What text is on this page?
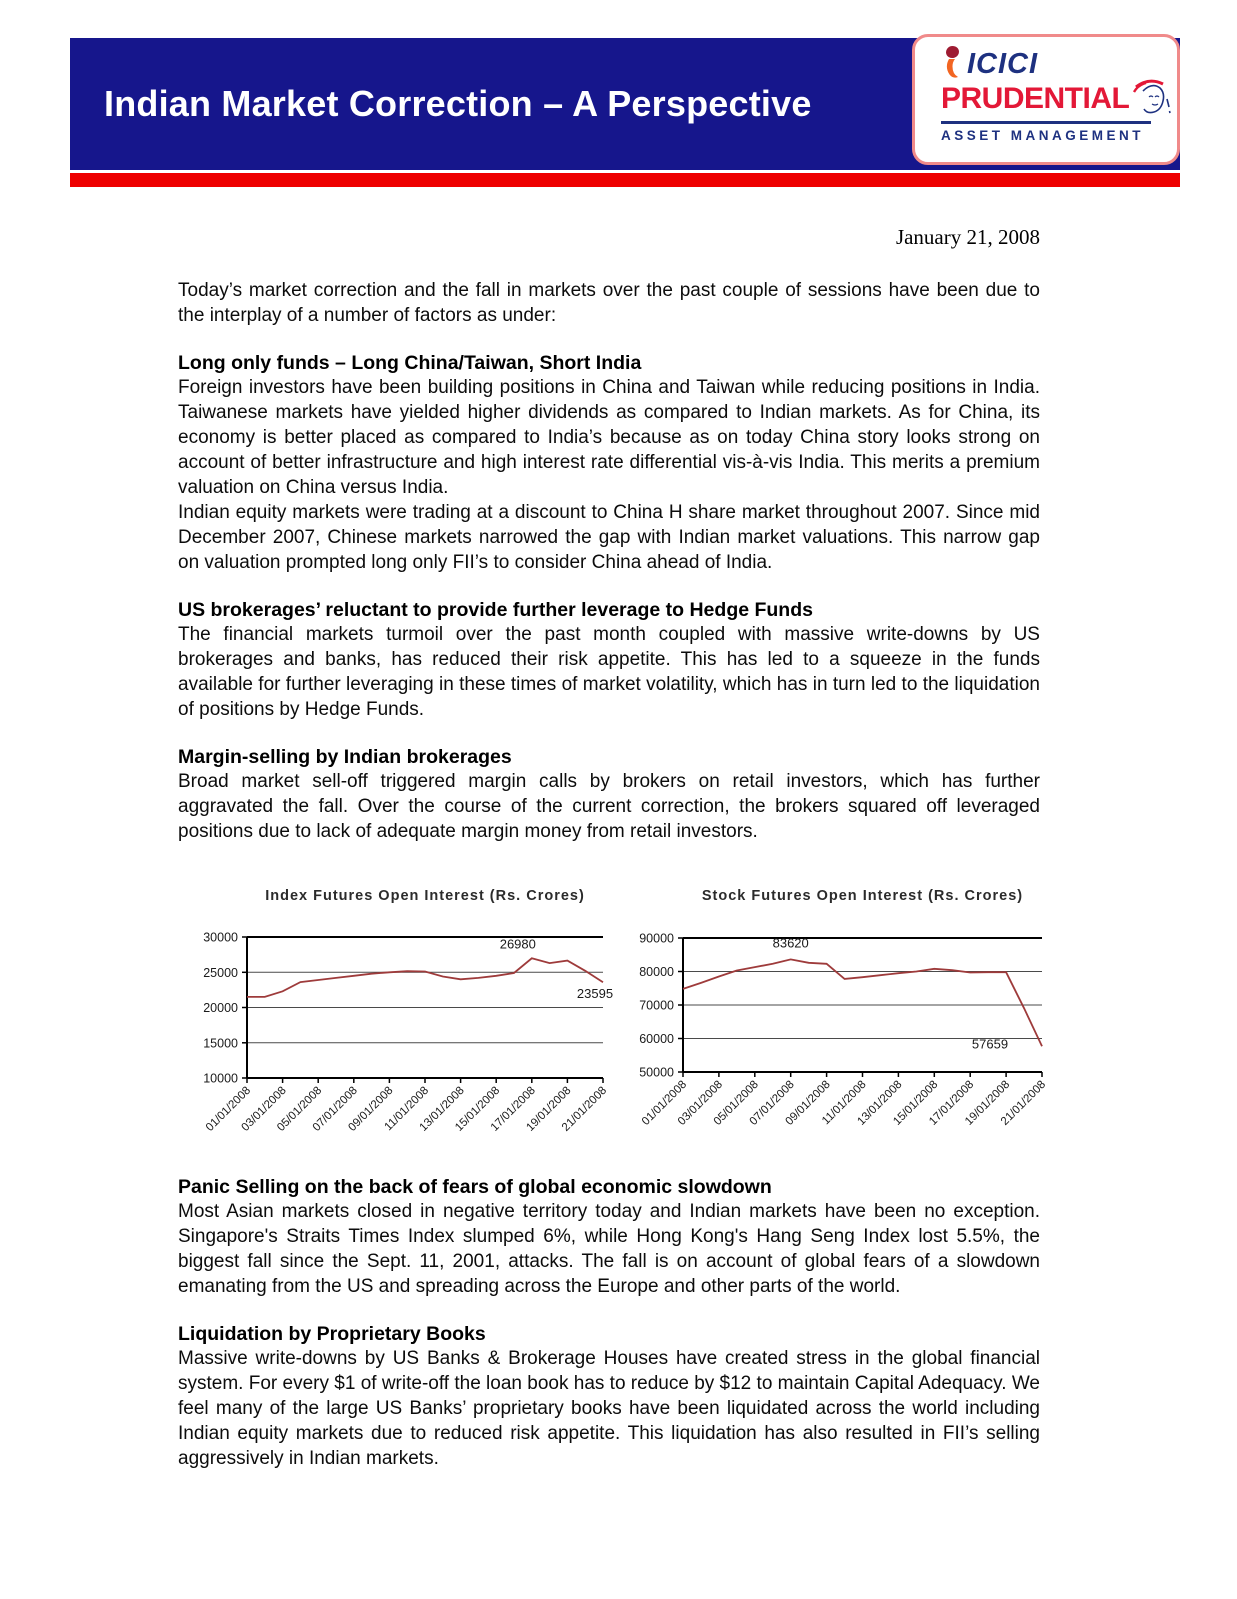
Indian Market Correction – A Perspective
ICICI
PRUDENTIAL
ASSET MANAGEMENT

January 21, 2008

Today’s market correction and the fall in markets over the past couple of sessions have been due to the interplay of a number of factors as under:

Long only funds – Long China/Taiwan, Short India

Foreign investors have been building positions in China and Taiwan while reducing positions in India. Taiwanese markets have yielded higher dividends as compared to Indian markets. As for China, its economy is better placed as compared to India’s because as on today China story looks strong on account of better infrastructure and high interest rate differential vis-à-vis India. This merits a premium valuation on China versus India.

Indian equity markets were trading at a discount to China H share market throughout 2007. Since mid December 2007, Chinese markets narrowed the gap with Indian market valuations. This narrow gap on valuation prompted long only FII’s to consider China ahead of India.

US brokerages’ reluctant to provide further leverage to Hedge Funds

The financial markets turmoil over the past month coupled with massive write-downs by US brokerages and banks, has reduced their risk appetite. This has led to a squeeze in the funds available for further leveraging in these times of market volatility, which has in turn led to the liquidation of positions by Hedge Funds.

Margin-selling by Indian brokerages

Broad market sell-off triggered margin calls by brokers on retail investors, which has further aggravated the fall. Over the course of the current correction, the brokers squared off leveraged positions due to lack of adequate margin money from retail investors.

10000
15000
20000
25000
30000
01/01/2008
03/01/2008
05/01/2008
07/01/2008
09/01/2008
11/01/2008
13/01/2008
15/01/2008
17/01/2008
19/01/2008
21/01/2008
26980
23595
Index Futures Open Interest (Rs. Crores)
50000
60000
70000
80000
90000
01/01/2008
03/01/2008
05/01/2008
07/01/2008
09/01/2008
11/01/2008
13/01/2008
15/01/2008
17/01/2008
19/01/2008
21/01/2008
83620
57659
Stock Futures Open Interest (Rs. Crores)
Panic Selling on the back of fears of global economic slowdown

Most Asian markets closed in negative territory today and Indian markets have been no exception. Singapore's Straits Times Index slumped 6%, while Hong Kong's Hang Seng Index lost 5.5%, the biggest fall since the Sept. 11, 2001, attacks. The fall is on account of global fears of a slowdown emanating from the US and spreading across the Europe and other parts of the world.

Liquidation by Proprietary Books

Massive write-downs by US Banks & Brokerage Houses have created stress in the global financial system. For every $1 of write-off the loan book has to reduce by $12 to maintain Capital Adequacy. We feel many of the large US Banks’ proprietary books have been liquidated across the world including Indian equity markets due to reduced risk appetite. This liquidation has also resulted in FII’s selling aggressively in Indian markets.
